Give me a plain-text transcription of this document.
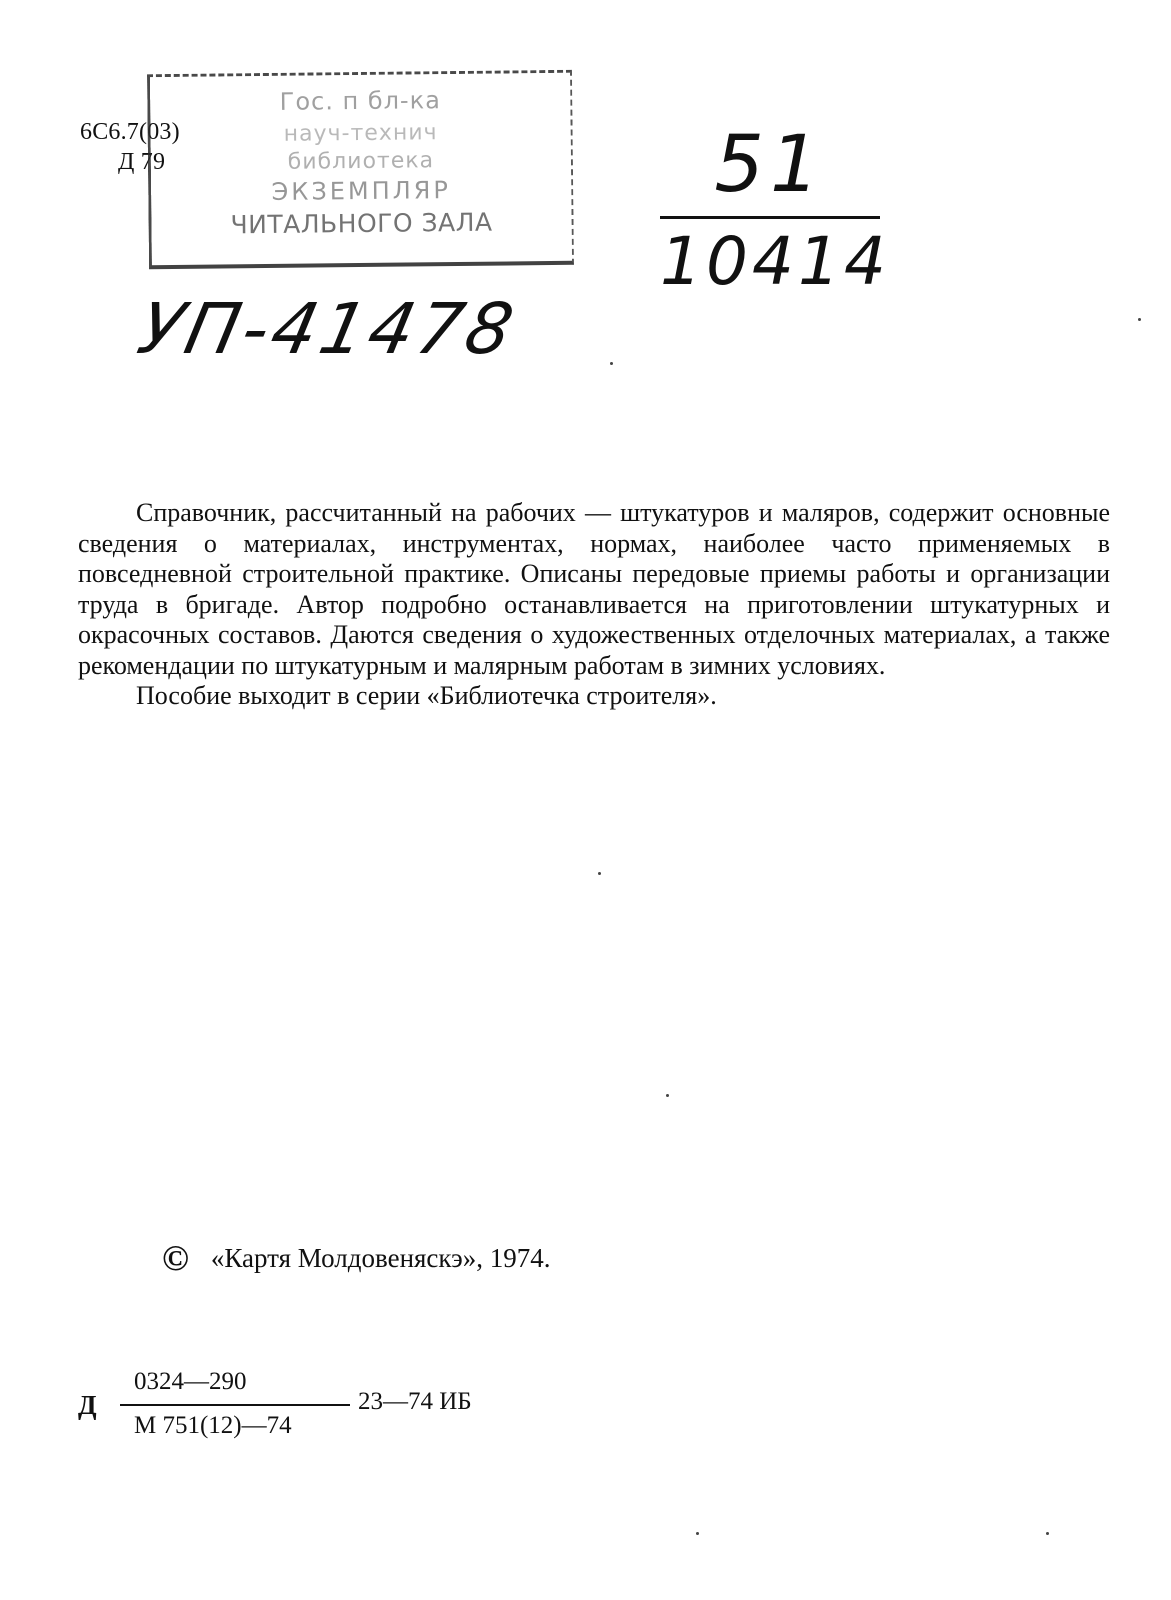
6С6.7(03)
Д 79
Гос. п бл-ка
науч-технич
библиотека
ЭКЗЕМПЛЯР
ЧИТАЛЬНОГО ЗАЛА
51
10414
УП-41478

Справочник, рассчитанный на рабочих — штукатуров и маляров, содержит основные сведения о материалах, инструментах, нормах, наиболее часто применяемых в повседневной строительной практике. Описаны передовые приемы работы и организации труда в бригаде. Автор подробно останавливается на приготовлении штукатурных и окрасочных составов. Даются сведения о художественных отделочных материалах, а также рекомендации по штукатурным и малярным работам в зимних условиях.

Пособие выходит в серии «Библиотечка строителя».

© «Картя Молдовеняскэ», 1974.
Д
0324—290
М 751(12)—74
23—74 ИБ
